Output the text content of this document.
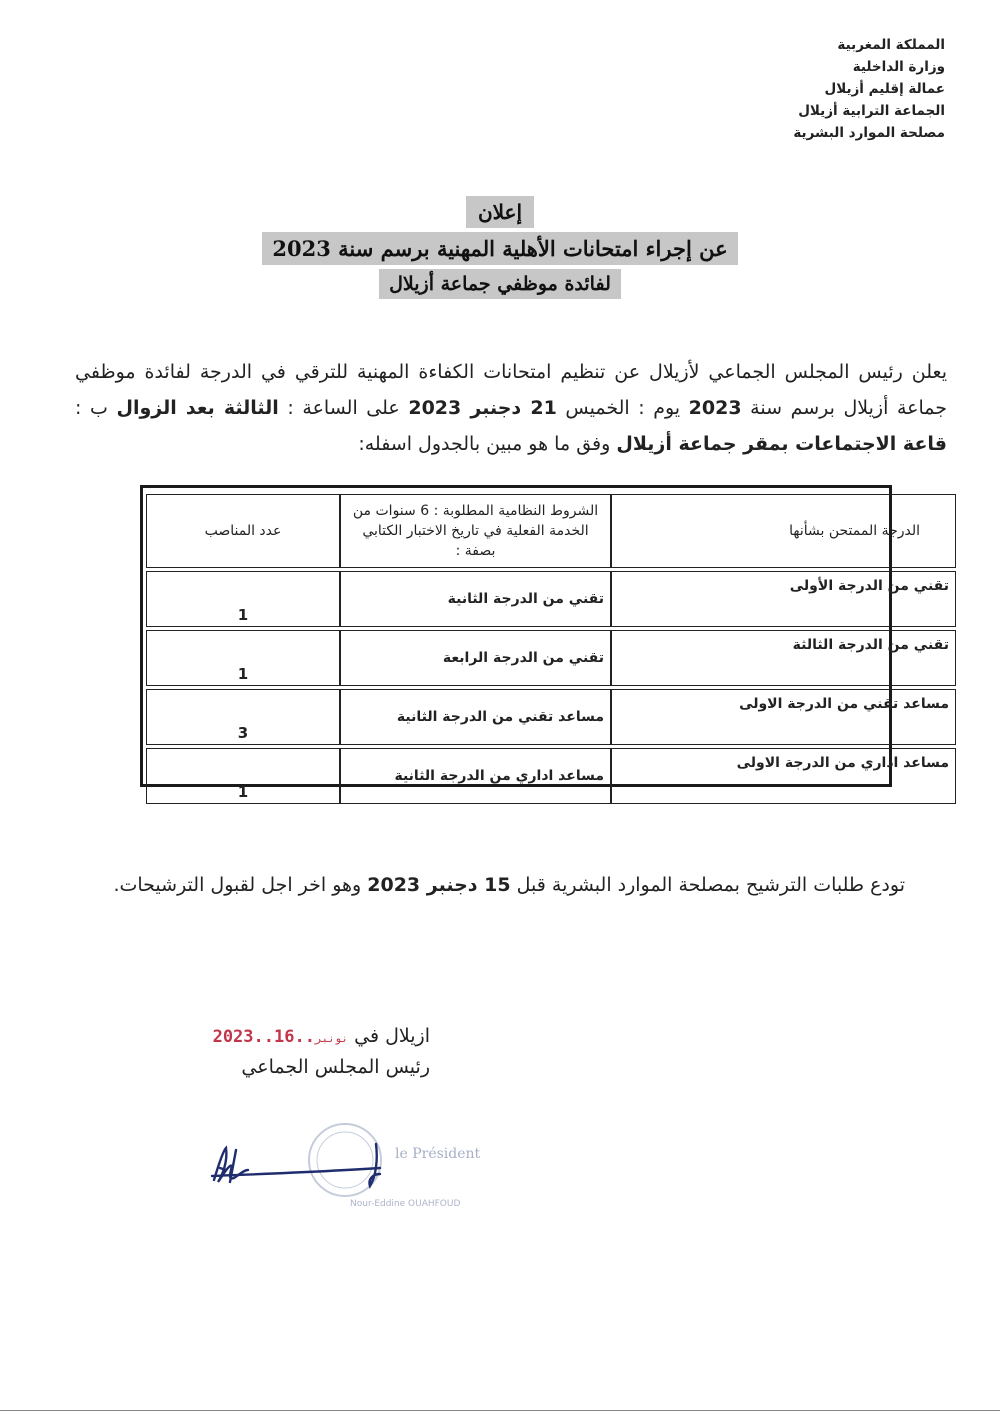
المملكة المغربية
وزارة الداخلية
عمالة إقليم أزيلال
الجماعة الترابية أزيلال
مصلحة الموارد البشرية
إعلان
عن إجراء امتحانات الأهلية المهنية برسم سنة 2023
لفائدة موظفي جماعة أزيلال
يعلن رئيس المجلس الجماعي لأزيلال عن تنظيم امتحانات الكفاءة المهنية للترقي في الدرجة لفائدة موظفي جماعة أزيلال برسم سنة 2023 يوم : الخميس 21 دجنبر 2023 على الساعة : الثالثة بعد الزوال ب : قاعة الاجتماعات بمقر جماعة أزيلال وفق ما هو مبين بالجدول اسفله:
الدرجة الممتحن بشأنها	الشروط النظامية المطلوبة : 6 سنوات من الخدمة الفعلية في تاريخ الاختبار الكتابي بصفة :	عدد المناصب
تقني من الدرجة الأولى	تقني من الدرجة الثانية	1
تقني من الدرجة الثالثة	تقني من الدرجة الرابعة	1
مساعد تقني من الدرجة الاولى	مساعد تقني من الدرجة الثانية	3
مساعد اداري من الدرجة الاولى	مساعد اداري من الدرجة الثانية	1
تودع طلبات الترشيح بمصلحة الموارد البشرية قبل 15 دجنبر 2023 وهو اخر اجل لقبول الترشيحات.
ازيلال في 2023..	نونبر..16
رئيس المجلس الجماعي
le Président
Nour-Eddine OUAHFOUD
